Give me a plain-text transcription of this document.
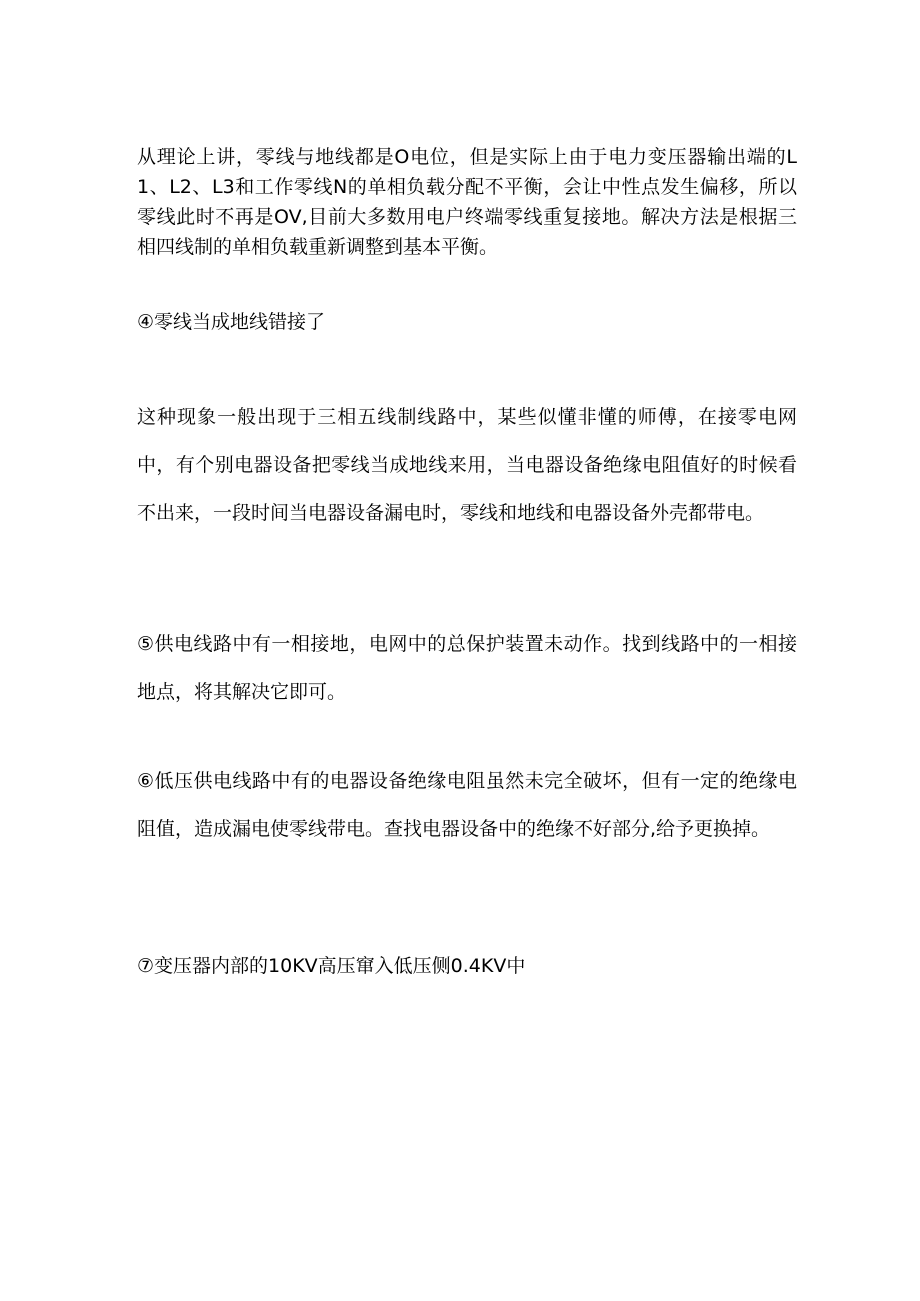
从理论上讲，零线与地线都是O电位，但是实际上由于电力变压器输出端的L1、L2、L3和工作零线N的单相负载分配不平衡，会让中性点发生偏移，所以零线此时不再是OV,目前大多数用电户终端零线重复接地。解决方法是根据三相四线制的单相负载重新调整到基本平衡。

④零线当成地线错接了

这种现象一般出现于三相五线制线路中，某些似懂非懂的师傅，在接零电网中，有个别电器设备把零线当成地线来用，当电器设备绝缘电阻值好的时候看不出来，一段时间当电器设备漏电时，零线和地线和电器设备外壳都带电。

⑤供电线路中有一相接地，电网中的总保护装置未动作。找到线路中的一相接地点，将其解决它即可。

⑥低压供电线路中有的电器设备绝缘电阻虽然未完全破坏，但有一定的绝缘电阻值，造成漏电使零线带电。查找电器设备中的绝缘不好部分,给予更换掉。

⑦变压器内部的10KV高压窜入低压侧0.4KV中
